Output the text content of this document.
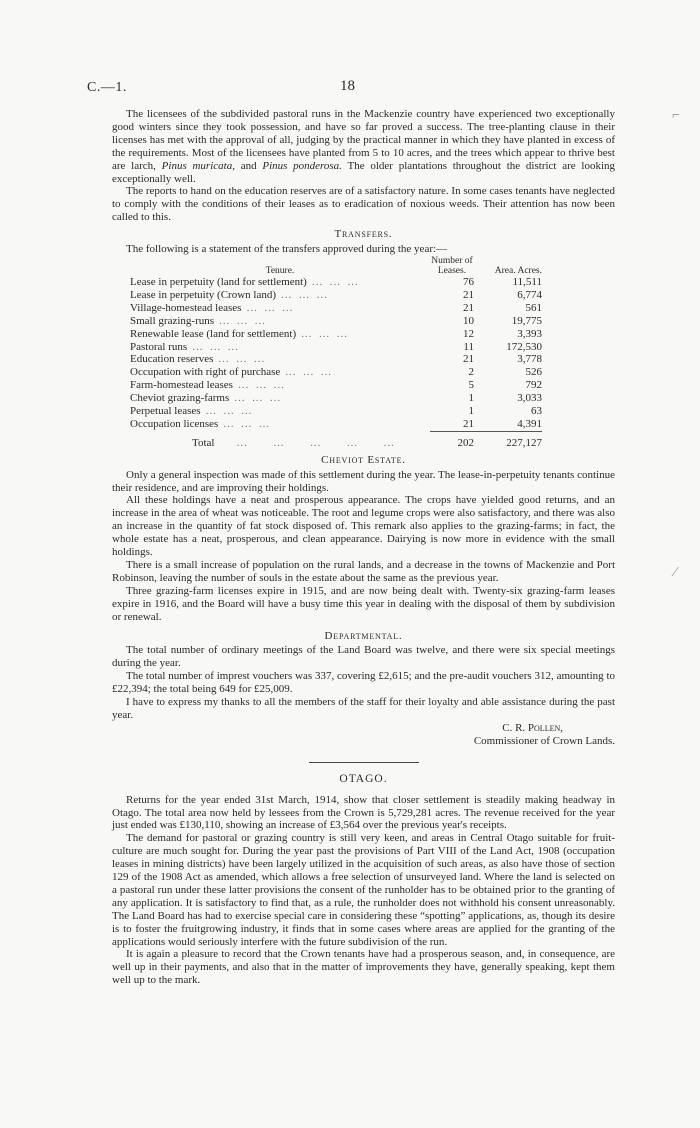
C.—1.	18
⌐
⁄

The licensees of the subdivided pastoral runs in the Mackenzie country have experienced two exceptionally good winters since they took possession, and have so far proved a success. The tree-planting clause in their licenses has met with the approval of all, judging by the practical manner in which they have planted in excess of the requirements. Most of the licensees have planted from 5 to 10 acres, and the trees which appear to thrive best are larch, Pinus muricata, and Pinus ponderosa. The older plantations throughout the district are looking exceptionally well.

The reports to hand on the education reserves are of a satisfactory nature. In some cases tenants have neglected to comply with the conditions of their leases as to eradication of noxious weeds. Their attention has now been called to this.

Transfers.

The following is a statement of the transfers approved during the year:—

Tenure.	Number of Leases.	Area. Acres.
Lease in perpetuity (land for settlement) … … …	76	11,511
Lease in perpetuity (Crown land) … … …	21	6,774
Village-homestead leases … … …	21	561
Small grazing-runs … … …	10	19,775
Renewable lease (land for settlement) … … …	12	3,393
Pastoral runs … … …	11	172,530
Education reserves … … …	21	3,778
Occupation with right of purchase … … …	2	526
Farm-homestead leases … … …	5	792
Cheviot grazing-farms … … …	1	3,033
Perpetual leases … … …	1	63
Occupation licenses … … …	21	4,391
Total     …     …     …     …     …	202	227,127
Cheviot Estate.

Only a general inspection was made of this settlement during the year. The lease-in-perpetuity tenants continue their residence, and are improving their holdings.

All these holdings have a neat and prosperous appearance. The crops have yielded good returns, and an increase in the area of wheat was noticeable. The root and legume crops were also satisfactory, and there was also an increase in the quantity of fat stock disposed of. This remark also applies to the grazing-farms; in fact, the whole estate has a neat, prosperous, and clean appearance. Dairying is now more in evidence with the small holdings.

There is a small increase of population on the rural lands, and a decrease in the towns of Mackenzie and Port Robinson, leaving the number of souls in the estate about the same as the previous year.

Three grazing-farm licenses expire in 1915, and are now being dealt with. Twenty-six grazing-farm leases expire in 1916, and the Board will have a busy time this year in dealing with the disposal of them by subdivision or renewal.

Departmental.

The total number of ordinary meetings of the Land Board was twelve, and there were six special meetings during the year.

The total number of imprest vouchers was 337, covering £2,615; and the pre-audit vouchers 312, amounting to £22,394; the total being 649 for £25,009.

I have to express my thanks to all the members of the staff for their loyalty and able assistance during the past year.

C. R. Pollen,
Commissioner of Crown Lands.
OTAGO.

Returns for the year ended 31st March, 1914, show that closer settlement is steadily making headway in Otago. The total area now held by lessees from the Crown is 5,729,281 acres. The revenue received for the year just ended was £130,110, showing an increase of £3,564 over the previous year's receipts.

The demand for pastoral or grazing country is still very keen, and areas in Central Otago suitable for fruit-culture are much sought for. During the year past the provisions of Part VIII of the Land Act, 1908 (occupation leases in mining districts) have been largely utilized in the acquisition of such areas, as also have those of section 129 of the 1908 Act as amended, which allows a free selection of unsurveyed land. Where the land is selected on a pastoral run under these latter provisions the consent of the runholder has to be obtained prior to the granting of any application. It is satisfactory to find that, as a rule, the runholder does not withhold his consent unreasonably. The Land Board has had to exercise special care in considering these “spotting” applications, as, though its desire is to foster the fruitgrowing industry, it finds that in some cases where areas are applied for the granting of the applications would seriously interfere with the future subdivision of the run.

It is again a pleasure to record that the Crown tenants have had a prosperous season, and, in consequence, are well up in their payments, and also that in the matter of improvements they have, generally speaking, kept them well up to the mark.
